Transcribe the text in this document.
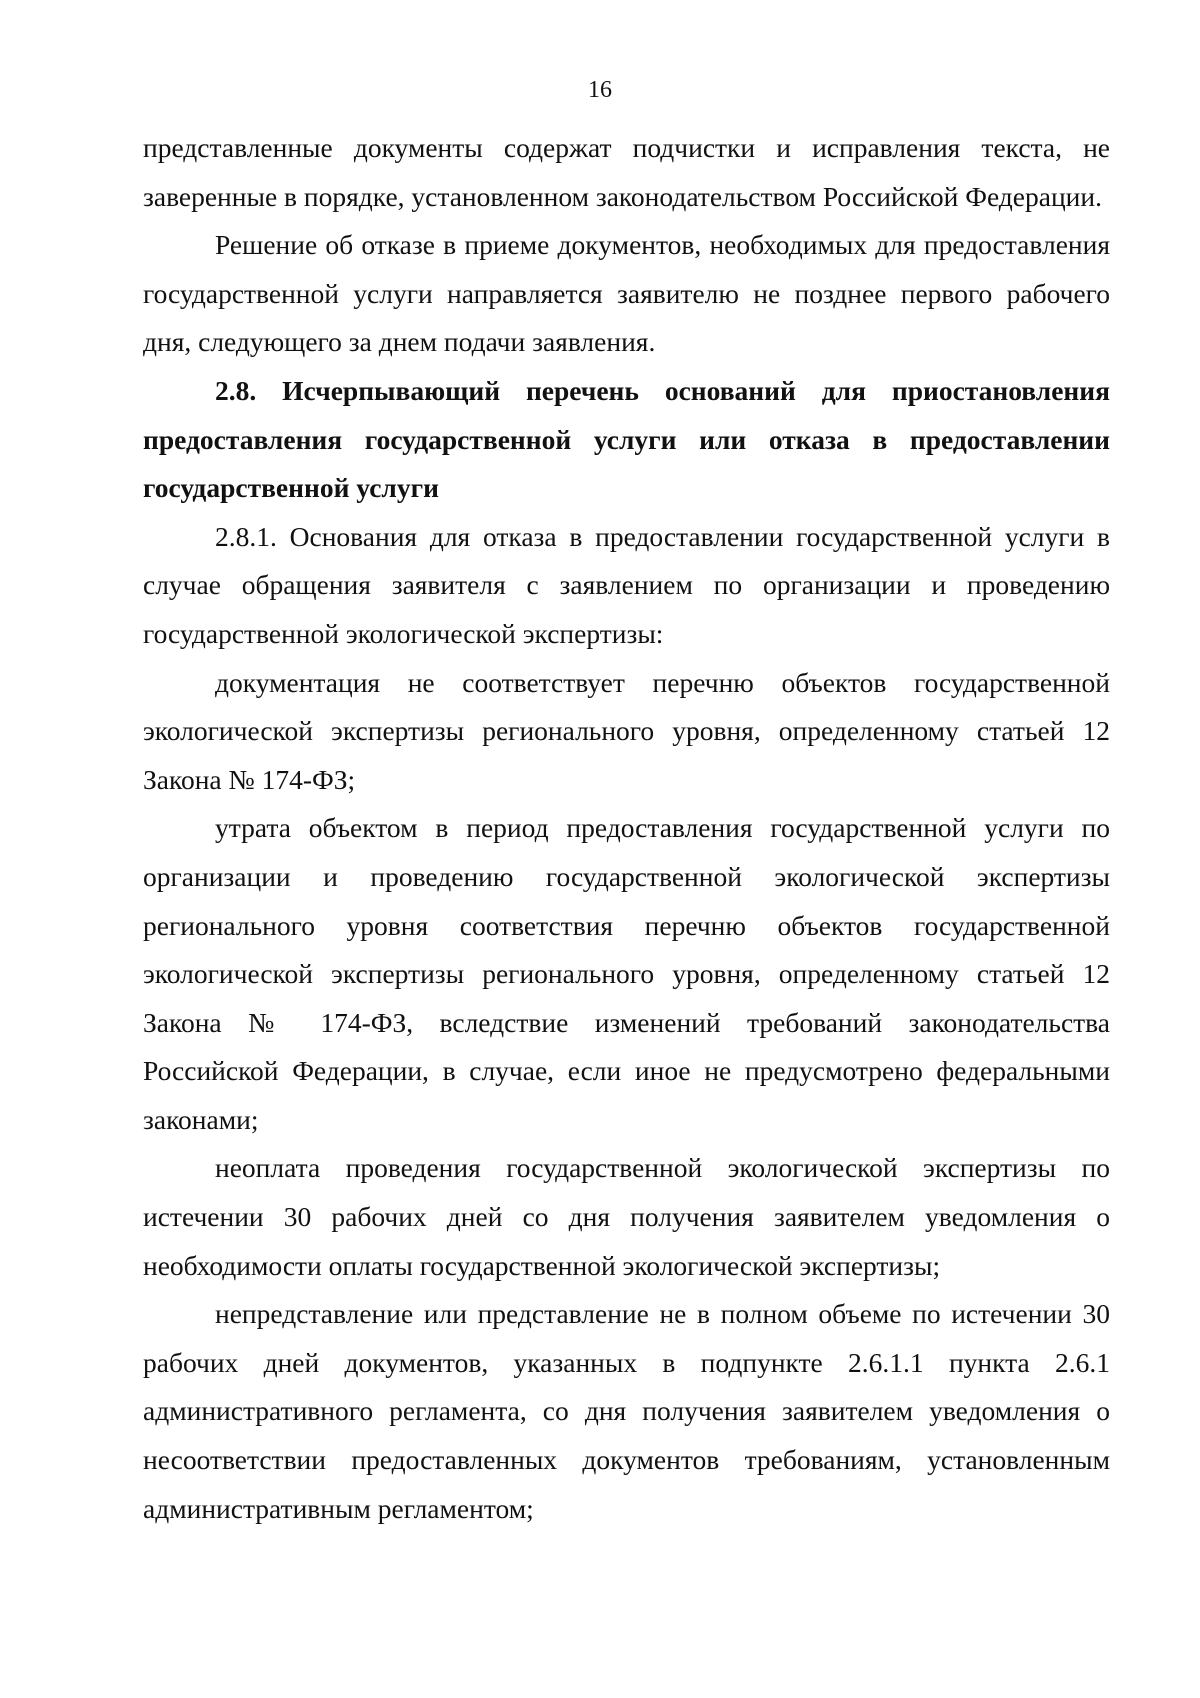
16

представленные документы содержат подчистки и исправления текста, не заверенные в порядке, установленном законодательством Российской Федерации.

Решение об отказе в приеме документов, необходимых для предоставления государственной услуги направляется заявителю не позднее первого рабочего дня, следующего за днем подачи заявления.

2.8. Исчерпывающий перечень оснований для приостановления предоставления государственной услуги или отказа в предоставлении государственной услуги

2.8.1. Основания для отказа в предоставлении государственной услуги в случае обращения заявителя с заявлением по организации и проведению государственной экологической экспертизы:

документация не соответствует перечню объектов государственной экологической экспертизы регионального уровня, определенному статьей 12 Закона № 174-ФЗ;

утрата объектом в период предоставления государственной услуги по организации и проведению государственной экологической экспертизы регионального уровня соответствия перечню объектов государственной экологической экспертизы регионального уровня, определенному статьей 12 Закона № 174-ФЗ, вследствие изменений требований законодательства Российской Федерации, в случае, если иное не предусмотрено федеральными законами;

неоплата проведения государственной экологической экспертизы по истечении 30 рабочих дней со дня получения заявителем уведомления о необходимости оплаты государственной экологической экспертизы;

непредставление или представление не в полном объеме по истечении 30 рабочих дней документов, указанных в подпункте 2.6.1.1 пункта 2.6.1 административного регламента, со дня получения заявителем уведомления о несоответствии предоставленных документов требованиям, установленным административным регламентом;
